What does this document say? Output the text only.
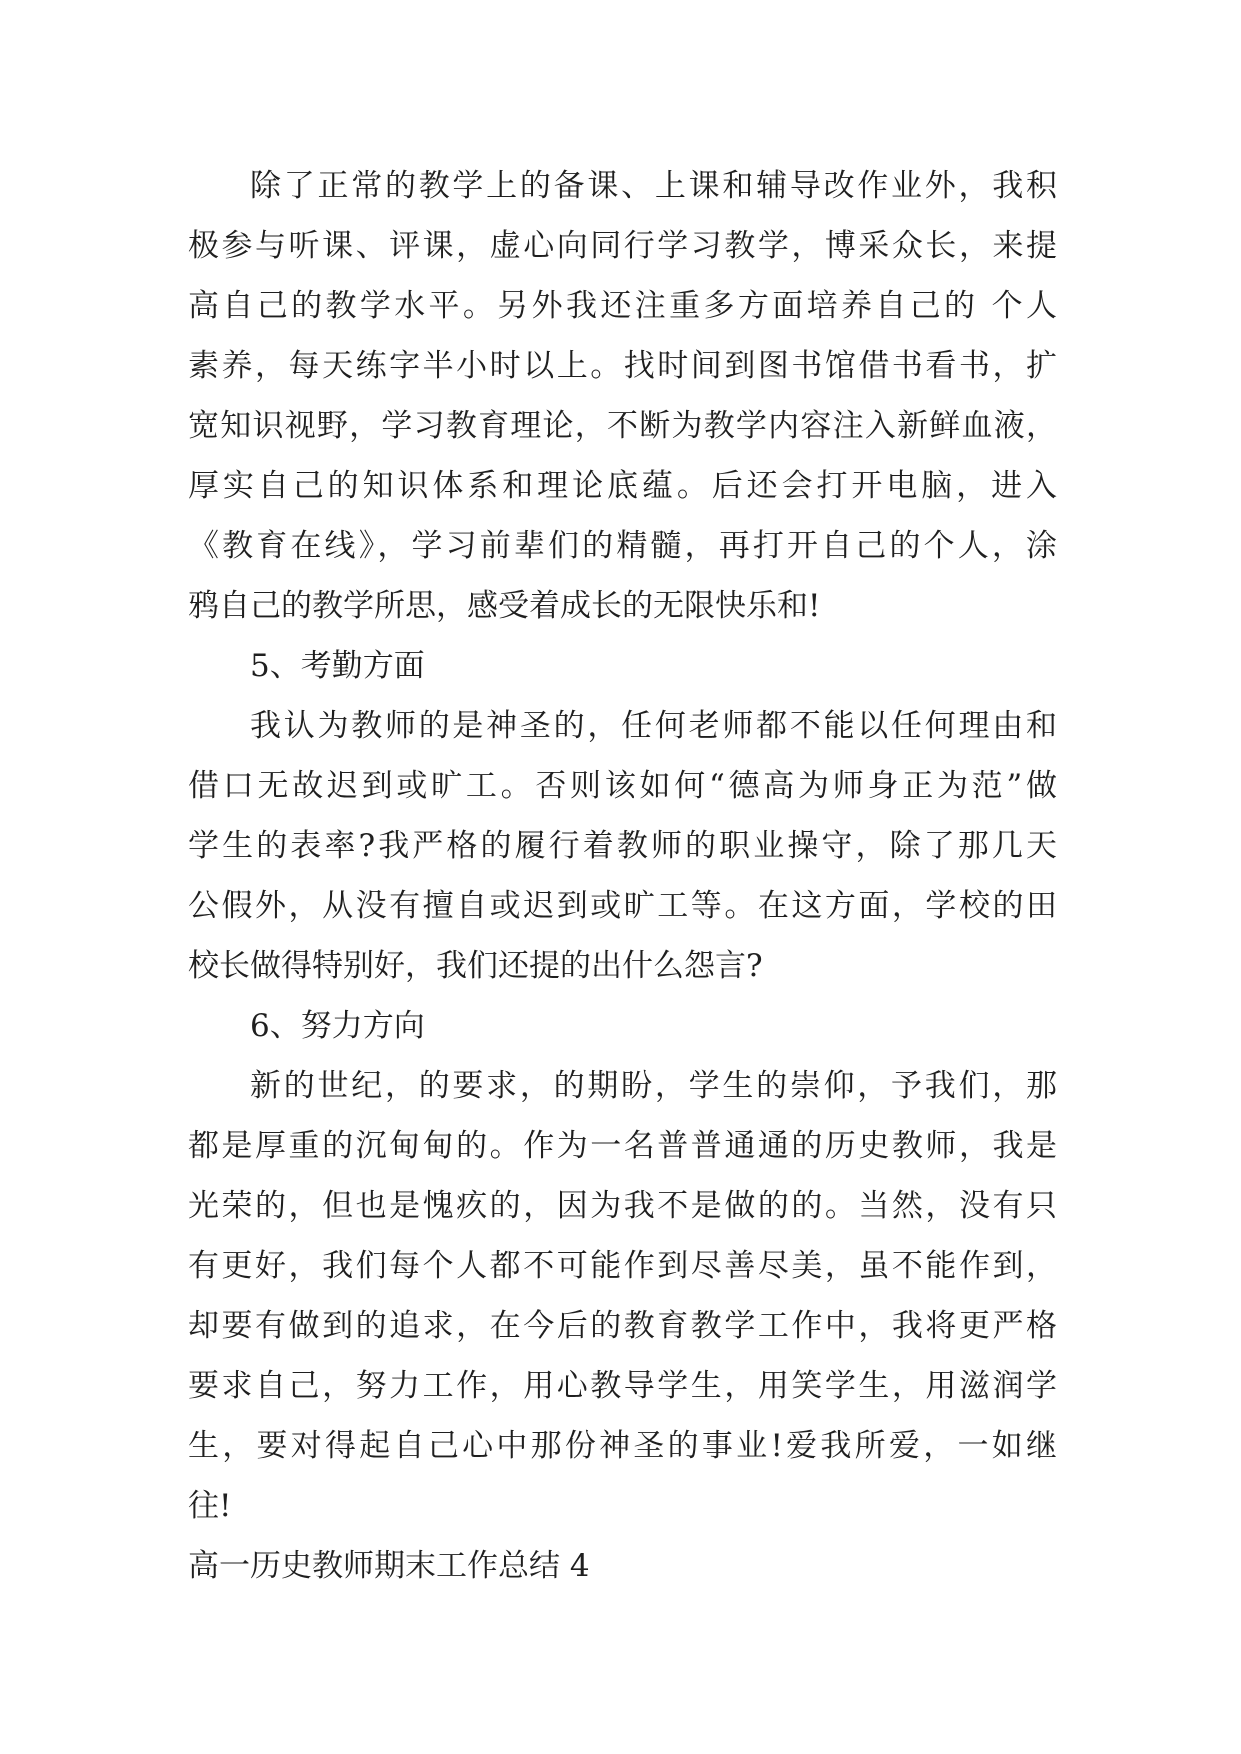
除了正常的教学上的备课、上课和辅导改作业外，我积
极参与听课、评课，虚心向同行学习教学，博采众长，来提
高自己的教学水平。另外我还注重多方面培养自己的 个人
素养，每天练字半小时以上。找时间到图书馆借书看书，扩
宽知识视野，学习教育理论，不断为教学内容注入新鲜血液，
厚实自己的知识体系和理论底蕴。后还会打开电脑，进入
《教育在线》，学习前辈们的精髓，再打开自己的个人，涂
鸦自己的教学所思，感受着成长的无限快乐和!
5、考勤方面
我认为教师的是神圣的，任何老师都不能以任何理由和
借口无故迟到或旷工。否则该如何“德高为师身正为范”做
学生的表率?我严格的履行着教师的职业操守，除了那几天
公假外，从没有擅自或迟到或旷工等。在这方面，学校的田
校长做得特别好，我们还提的出什么怨言?
6、努力方向
新的世纪，的要求，的期盼，学生的崇仰，予我们，那
都是厚重的沉甸甸的。作为一名普普通通的历史教师，我是
光荣的，但也是愧疚的，因为我不是做的的。当然，没有只
有更好，我们每个人都不可能作到尽善尽美，虽不能作到，
却要有做到的追求，在今后的教育教学工作中，我将更严格
要求自己，努力工作，用心教导学生，用笑学生，用滋润学
生，要对得起自己心中那份神圣的事业!爱我所爱，一如继
往!
高一历史教师期末工作总结 4
